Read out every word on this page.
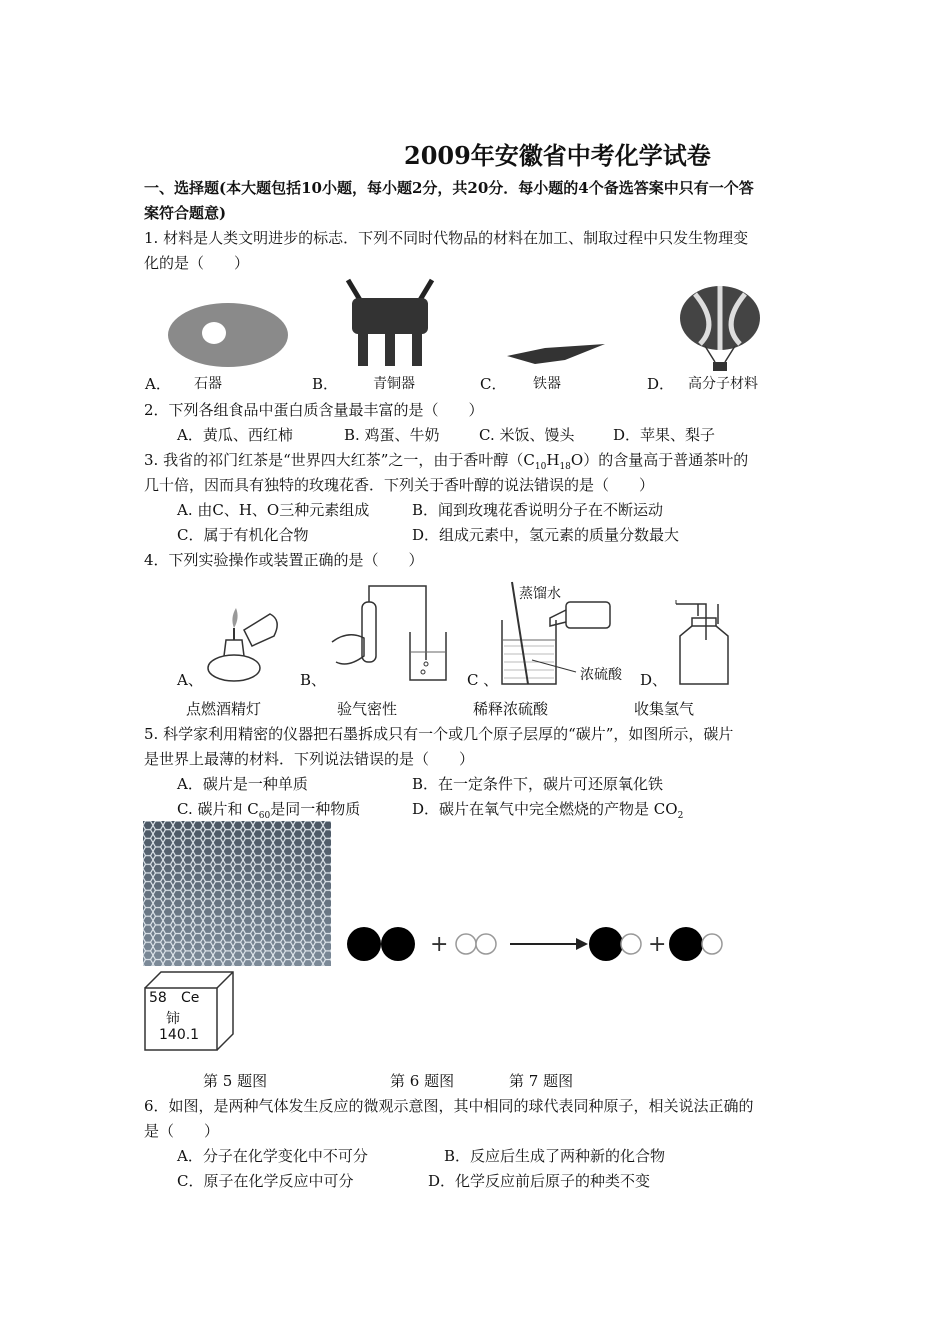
2009年安徽省中考化学试卷
一、选择题(本大题包括10小题，每小题2分，共20分．每小题的4个备选答案中只有一个答
案符合题意)
1. 材料是人类文明进步的标志．下列不同时代物品的材料在加工、制取过程中只发生物理变
化的是（　　）
A． 石器	B． 青铜器	C． 铁器	D． 高分子材料
2．下列各组食品中蛋白质含量最丰富的是（　　）
A．黄瓜、西红柿	B. 鸡蛋、牛奶	C. 米饭、馒头	D．苹果、梨子
3. 我省的祁门红茶是“世界四大红茶”之一，由于香叶醇$(C_{10}H_{18}O)$的含量高于普通茶叶的
几十倍，因而具有独特的玫瑰花香．下列关于香叶醇的说法错误的是（　　）
A. 由C、H、O三种元素组成	B．闻到玫瑰花香说明分子在不断运动
C．属于有机化合物	D．组成元素中，氢元素的质量分数最大
4．下列实验操作或装置正确的是（　　）
蒸馏水
浓硫酸
A、	B、	C 、	D、
点燃酒精灯	验气密性	稀释浓硫酸	收集氢气
5. 科学家利用精密的仪器把石墨拆成只有一个或几个原子层厚的“碳片”，如图所示，碳片
是世界上最薄的材料．下列说法错误的是（　　）
A．碳片是一种单质	B．在一定条件下，碳片可还原氧化铁
C. 碳片和 $C_{60}$是同一种物质	D．碳片在氧气中完全燃烧的产物是 $CO_2$
+	+
58 Ce
铈
140.1
第 5 题图	第 6 题图	第 7 题图
6．如图，是两种气体发生反应的微观示意图，其中相同的球代表同种原子，相关说法正确的
是（　　）
A．分子在化学变化中不可分	B．反应后生成了两种新的化合物
C．原子在化学反应中可分	D．化学反应前后原子的种类不变
